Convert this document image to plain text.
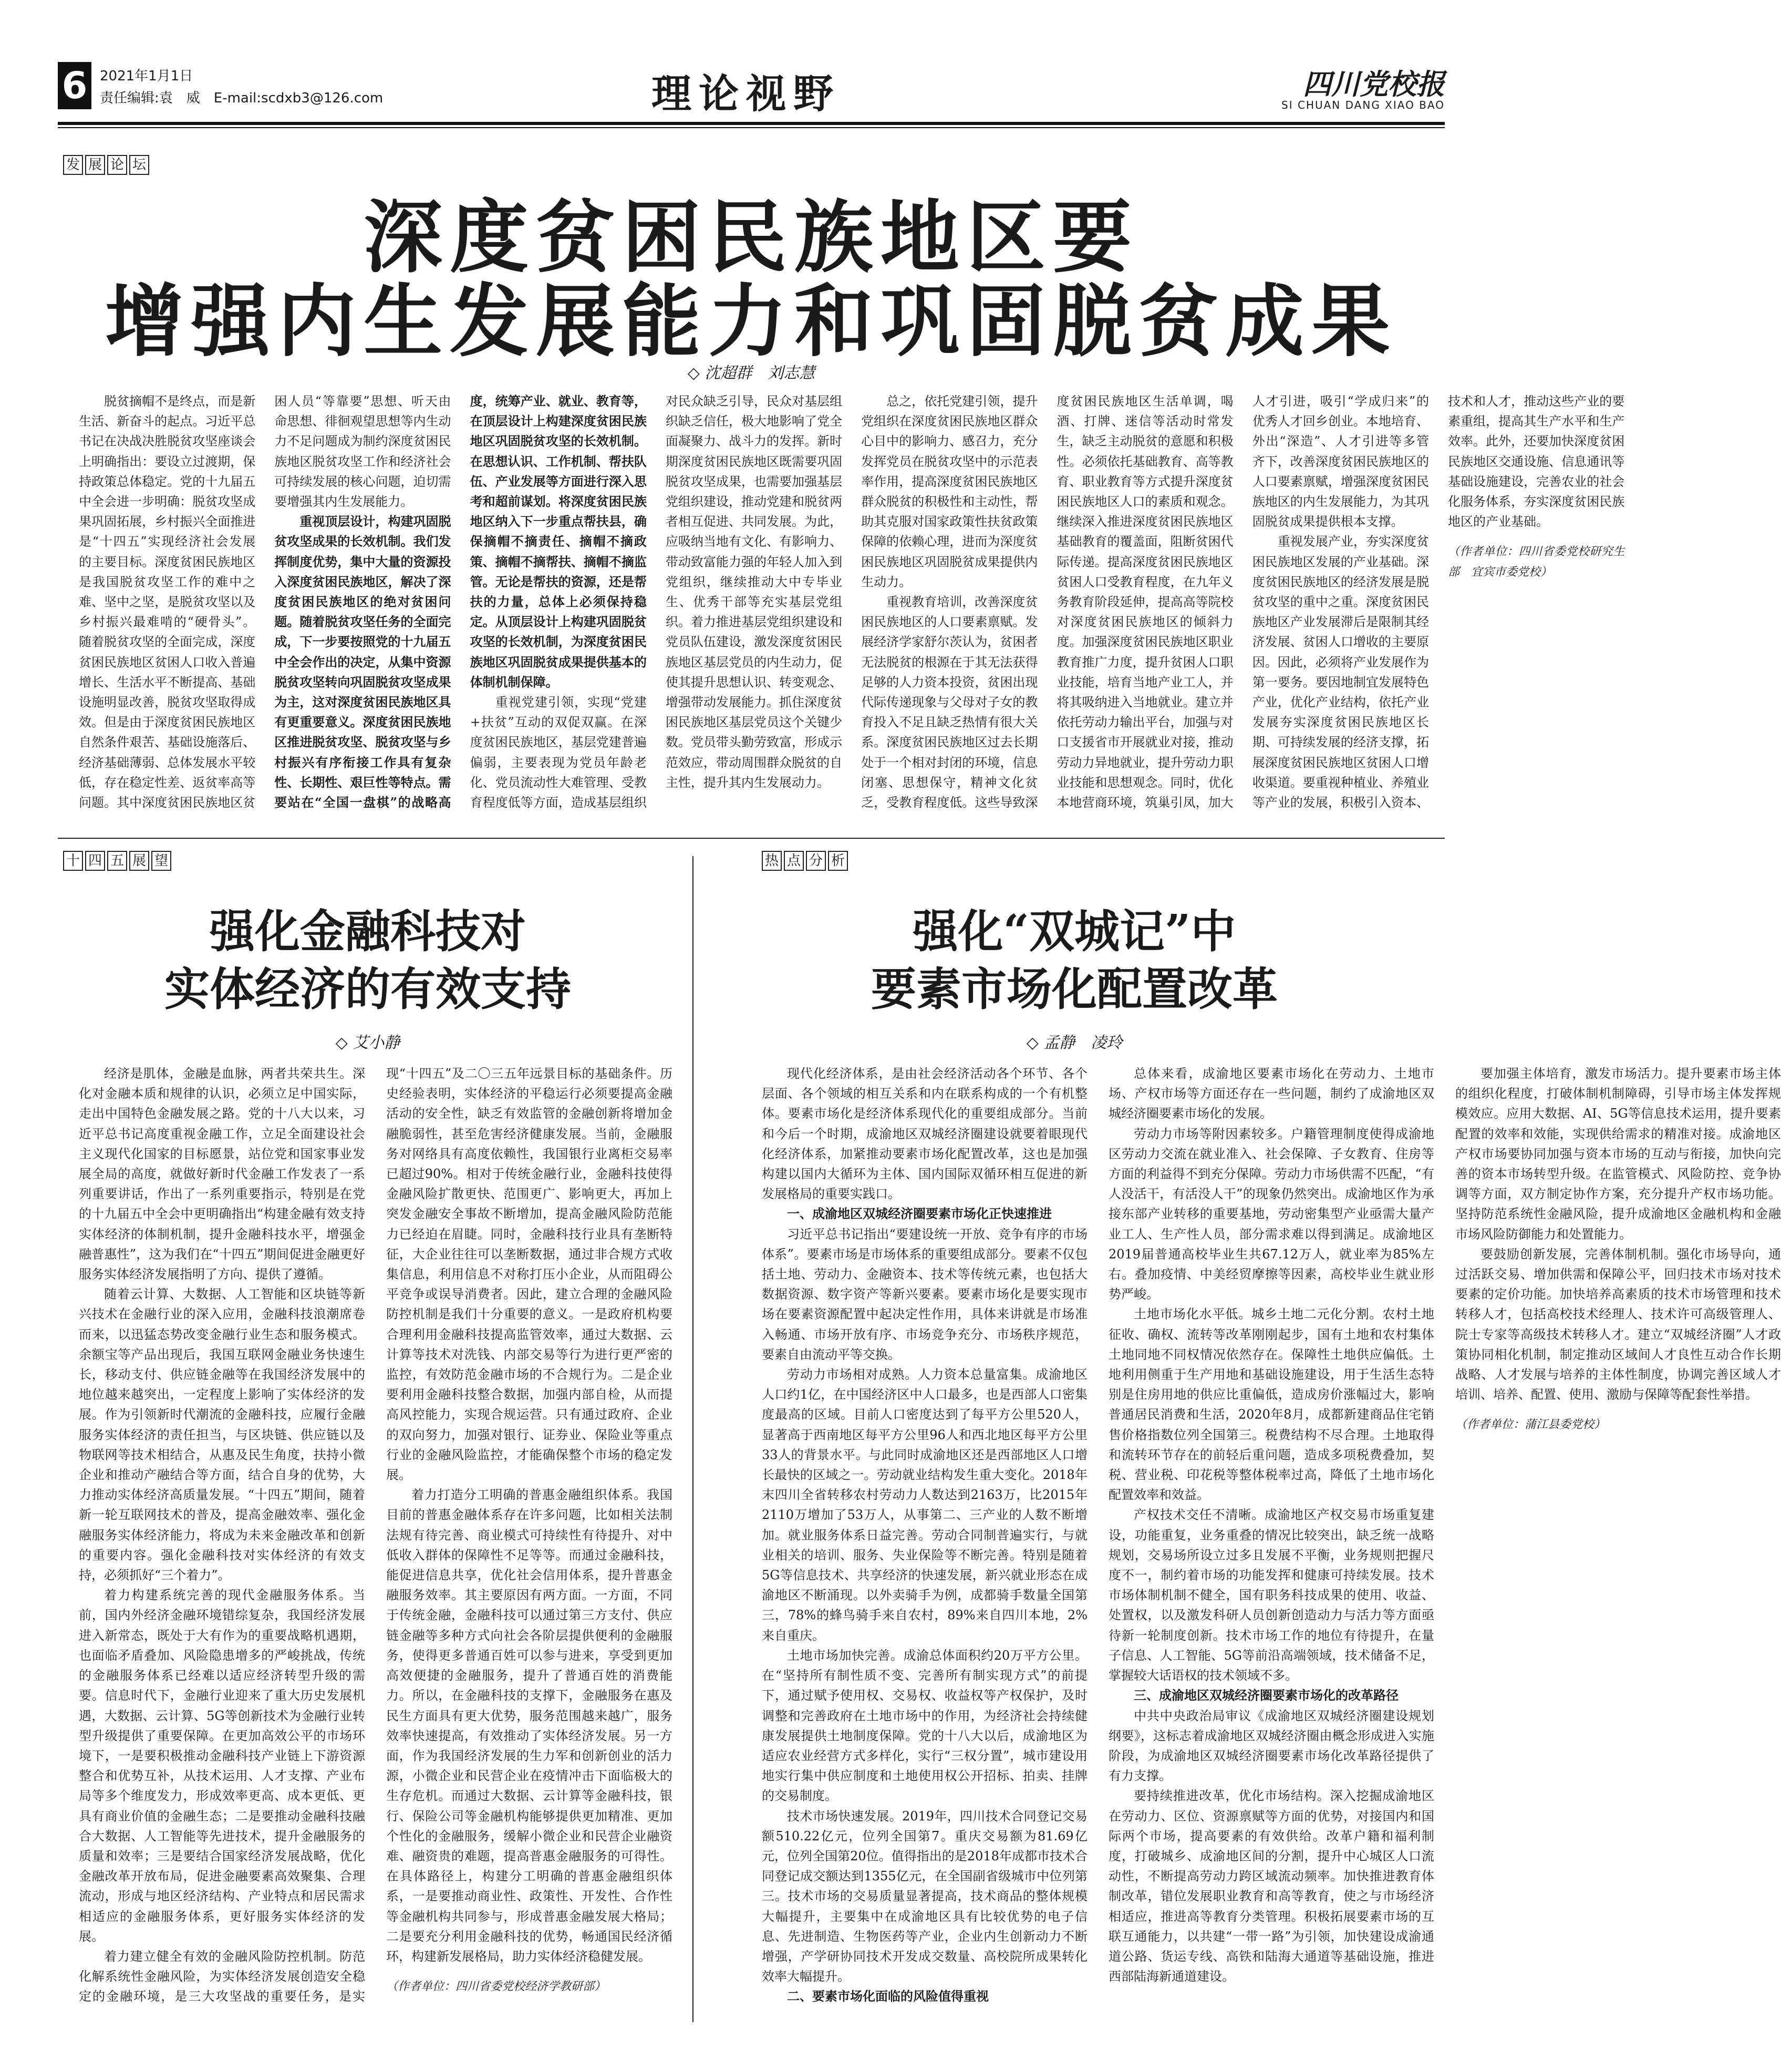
6 2021年1月1日
责任编辑:袁　威　E-mail:scdxb3@126.com	理论视野	四川党校报
SI CHUAN DANG XIAO BAO
发 展 论 坛
深度贫困民族地区要
增强内生发展能力和巩固脱贫成果
◇ 沈超群　刘志慧

脱贫摘帽不是终点，而是新生活、新奋斗的起点。习近平总书记在决战决胜脱贫攻坚座谈会上明确指出：要设立过渡期，保持政策总体稳定。党的十九届五中全会进一步明确：脱贫攻坚成果巩固拓展，乡村振兴全面推进是“十四五”实现经济社会发展的主要目标。深度贫困民族地区是我国脱贫攻坚工作的难中之难、坚中之坚，是脱贫攻坚以及乡村振兴最难啃的“硬骨头”。随着脱贫攻坚的全面完成，深度贫困民族地区贫困人口收入普遍增长、生活水平不断提高、基础设施明显改善，脱贫攻坚取得成效。但是由于深度贫困民族地区自然条件艰苦、基础设施落后、经济基础薄弱、总体发展水平较低，存在稳定性差、返贫率高等问题。其中深度贫困民族地区贫困人员“等靠要”思想、听天由命思想、徘徊观望思想等内生动力不足问题成为制约深度贫困民族地区脱贫攻坚工作和经济社会可持续发展的核心问题，迫切需要增强其内生发展能力。

重视顶层设计，构建巩固脱贫攻坚成果的长效机制。我们发挥制度优势，集中大量的资源投入深度贫困民族地区，解决了深度贫困民族地区的绝对贫困问题。随着脱贫攻坚任务的全面完成，下一步要按照党的十九届五中全会作出的决定，从集中资源脱贫攻坚转向巩固脱贫攻坚成果为主，这对深度贫困民族地区具有更重要意义。深度贫困民族地区推进脱贫攻坚、脱贫攻坚与乡村振兴有序衔接工作具有复杂性、长期性、艰巨性等特点。需要站在“全国一盘棋”的战略高度，统筹产业、就业、教育等，在顶层设计上构建深度贫困民族地区巩固脱贫攻坚的长效机制。在思想认识、工作机制、帮扶队伍、产业发展等方面进行深入思考和超前谋划。将深度贫困民族地区纳入下一步重点帮扶县，确保摘帽不摘责任、摘帽不摘政策、摘帽不摘帮扶、摘帽不摘监管。无论是帮扶的资源，还是帮扶的力量，总体上必须保持稳定。从顶层设计上构建巩固脱贫攻坚的长效机制，为深度贫困民族地区巩固脱贫成果提供基本的体制机制保障。

重视党建引领，实现“党建+扶贫”互动的双促双赢。在深度贫困民族地区，基层党建普遍偏弱，主要表现为党员年龄老化、党员流动性大难管理、受教育程度低等方面，造成基层组织对民众缺乏引导，民众对基层组织缺乏信任，极大地影响了党全面凝聚力、战斗力的发挥。新时期深度贫困民族地区既需要巩固脱贫攻坚成果，也需要加强基层党组织建设，推动党建和脱贫两者相互促进、共同发展。为此，应吸纳当地有文化、有影响力、带动致富能力强的年轻人加入到党组织，继续推动大中专毕业生、优秀干部等充实基层党组织。着力推进基层党组织建设和党员队伍建设，激发深度贫困民族地区基层党员的内生动力，促使其提升思想认识、转变观念、增强带动发展能力。抓住深度贫困民族地区基层党员这个关键少数。党员带头勤劳致富，形成示范效应，带动周围群众脱贫的自主性，提升其内生发展动力。

总之，依托党建引领，提升党组织在深度贫困民族地区群众心目中的影响力、感召力，充分发挥党员在脱贫攻坚中的示范表率作用，提高深度贫困民族地区群众脱贫的积极性和主动性，帮助其克服对国家政策性扶贫政策保障的依赖心理，进而为深度贫困民族地区巩固脱贫成果提供内生动力。

重视教育培训，改善深度贫困民族地区的人口要素禀赋。发展经济学家舒尔茨认为，贫困者无法脱贫的根源在于其无法获得足够的人力资本投资，贫困出现代际传递现象与父母对子女的教育投入不足且缺乏热情有很大关系。深度贫困民族地区过去长期处于一个相对封闭的环境，信息闭塞、思想保守，精神文化贫乏，受教育程度低。这些导致深度贫困民族地区生活单调，喝酒、打牌、迷信等活动时常发生，缺乏主动脱贫的意愿和积极性。必须依托基础教育、高等教育、职业教育等方式提升深度贫困民族地区人口的素质和观念。继续深入推进深度贫困民族地区基础教育的覆盖面，阻断贫困代际传递。提高深度贫困民族地区贫困人口受教育程度，在九年义务教育阶段延伸，提高高等院校对深度贫困民族地区的倾斜力度。加强深度贫困民族地区职业教育推广力度，提升贫困人口职业技能，培育当地产业工人，并将其吸纳进入当地就业。建立并依托劳动力输出平台，加强与对口支援省市开展就业对接，推动劳动力异地就业，提升劳动力职业技能和思想观念。同时，优化本地营商环境，筑巢引凤，加大人才引进，吸引“学成归来”的优秀人才回乡创业。本地培育、外出“深造”、人才引进等多管齐下，改善深度贫困民族地区的人口要素禀赋，增强深度贫困民族地区的内生发展能力，为其巩固脱贫成果提供根本支撑。

重视发展产业，夯实深度贫困民族地区发展的产业基础。深度贫困民族地区的经济发展是脱贫攻坚的重中之重。深度贫困民族地区产业发展滞后是限制其经济发展、贫困人口增收的主要原因。因此，必须将产业发展作为第一要务。要因地制宜发展特色产业，优化产业结构，依托产业发展夯实深度贫困民族地区长期、可持续发展的经济支撑，拓展深度贫困民族地区贫困人口增收渠道。要重视种植业、养殖业等产业的发展，积极引入资本、技术和人才，推动这些产业的要素重组，提高其生产水平和生产效率。此外，还要加快深度贫困民族地区交通设施、信息通讯等基础设施建设，完善农业的社会化服务体系，夯实深度贫困民族地区的产业基础。

（作者单位：四川省委党校研究生部　宜宾市委党校）

十 四 五 展 望
强化金融科技对
实体经济的有效支持
◇ 艾小静

经济是肌体，金融是血脉，两者共荣共生。深化对金融本质和规律的认识，必须立足中国实际，走出中国特色金融发展之路。党的十八大以来，习近平总书记高度重视金融工作，立足全面建设社会主义现代化国家的目标愿景，站位党和国家事业发展全局的高度，就做好新时代金融工作发表了一系列重要讲话，作出了一系列重要指示，特别是在党的十九届五中全会中更明确指出“构建金融有效支持实体经济的体制机制，提升金融科技水平，增强金融普惠性”，这为我们在“十四五”期间促进金融更好服务实体经济发展指明了方向、提供了遵循。

随着云计算、大数据、人工智能和区块链等新兴技术在金融行业的深入应用，金融科技浪潮席卷而来，以迅猛态势改变金融行业生态和服务模式。余额宝等产品出现后，我国互联网金融业务快速生长，移动支付、供应链金融等在我国经济发展中的地位越来越突出，一定程度上影响了实体经济的发展。作为引领新时代潮流的金融科技，应履行金融服务实体经济的责任担当，与区块链、供应链以及物联网等技术相结合，从惠及民生角度，扶持小微企业和推动产融结合等方面，结合自身的优势，大力推动实体经济高质量发展。“十四五”期间，随着新一轮互联网技术的普及，提高金融效率、强化金融服务实体经济能力，将成为未来金融改革和创新的重要内容。强化金融科技对实体经济的有效支持，必须抓好“三个着力”。

着力构建系统完善的现代金融服务体系。当前，国内外经济金融环境错综复杂，我国经济发展进入新常态，既处于大有作为的重要战略机遇期，也面临矛盾叠加、风险隐患增多的严峻挑战，传统的金融服务体系已经难以适应经济转型升级的需要。信息时代下，金融行业迎来了重大历史发展机遇，大数据、云计算、5G等创新技术为金融行业转型升级提供了重要保障。在更加高效公平的市场环境下，一是要积极推动金融科技产业链上下游资源整合和优势互补，从技术运用、人才支撑、产业布局等多个维度发力，形成效率更高、成本更低、更具有商业价值的金融生态；二是要推动金融科技融合大数据、人工智能等先进技术，提升金融服务的质量和效率；三是要结合国家经济发展战略，优化金融改革开放布局，促进金融要素高效聚集、合理流动，形成与地区经济结构、产业特点和居民需求相适应的金融服务体系，更好服务实体经济的发展。

着力建立健全有效的金融风险防控机制。防范化解系统性金融风险，为实体经济发展创造安全稳定的金融环境，是三大攻坚战的重要任务，是实现“十四五”及二〇三五年远景目标的基础条件。历史经验表明，实体经济的平稳运行必须要提高金融活动的安全性，缺乏有效监管的金融创新将增加金融脆弱性，甚至危害经济健康发展。当前，金融服务对网络具有高度依赖性，我国银行业离柜交易率已超过90%。相对于传统金融行业，金融科技使得金融风险扩散更快、范围更广、影响更大，再加上突发金融安全事故不断增加，提高金融风险防范能力已经迫在眉睫。同时，金融科技行业具有垄断特征，大企业往往可以垄断数据，通过非合规方式收集信息，利用信息不对称打压小企业，从而阻碍公平竞争或误导消费者。因此，建立合理的金融风险防控机制是我们十分重要的意义。一是政府机构要合理利用金融科技提高监管效率，通过大数据、云计算等技术对洗钱、内部交易等行为进行更严密的监控，有效防范金融市场的不合规行为。二是企业要利用金融科技整合数据，加强内部自检，从而提高风控能力，实现合规运营。只有通过政府、企业的双向努力，加强对银行、证券业、保险业等重点行业的金融风险监控，才能确保整个市场的稳定发展。

着力打造分工明确的普惠金融组织体系。我国目前的普惠金融体系存在许多问题，比如相关法制法规有待完善、商业模式可持续性有待提升、对中低收入群体的保障性不足等等。而通过金融科技，能促进信息共享，优化社会信用体系，提升普惠金融服务效率。其主要原因有两方面。一方面，不同于传统金融，金融科技可以通过第三方支付、供应链金融等多种方式向社会各阶层提供便利的金融服务，使得更多普通百姓可以参与进来，享受到更加高效便捷的金融服务，提升了普通百姓的消费能力。所以，在金融科技的支撑下，金融服务在惠及民生方面具有更大优势，服务范围越来越广，服务效率快速提高，有效推动了实体经济发展。另一方面，作为我国经济发展的生力军和创新创业的活力源，小微企业和民营企业在疫情冲击下面临极大的生存危机。而通过大数据、云计算等金融科技，银行、保险公司等金融机构能够提供更加精准、更加个性化的金融服务，缓解小微企业和民营企业融资难、融资贵的难题，提高普惠金融服务的可得性。在具体路径上，构建分工明确的普惠金融组织体系，一是要推动商业性、政策性、开发性、合作性等金融机构共同参与，形成普惠金融发展大格局；二是要充分利用金融科技的优势，畅通国民经济循环，构建新发展格局，助力实体经济稳健发展。

（作者单位：四川省委党校经济学教研部）

热 点 分 析
强化“双城记”中
要素市场化配置改革
◇ 孟静　凌玲

现代化经济体系，是由社会经济活动各个环节、各个层面、各个领域的相互关系和内在联系构成的一个有机整体。要素市场化是经济体系现代化的重要组成部分。当前和今后一个时期，成渝地区双城经济圈建设就要着眼现代化经济体系，加紧推动要素市场化配置改革，这也是加强构建以国内大循环为主体、国内国际双循环相互促进的新发展格局的重要实践口。

一、成渝地区双城经济圈要素市场化正快速推进

习近平总书记指出“要建设统一开放、竞争有序的市场体系”。要素市场是市场体系的重要组成部分。要素不仅包括土地、劳动力、金融资本、技术等传统元素，也包括大数据资源、数字资产等新兴要素。要素市场化是要实现市场在要素资源配置中起决定性作用，具体来讲就是市场准入畅通、市场开放有序、市场竞争充分、市场秩序规范，要素自由流动平等交换。

劳动力市场相对成熟。人力资本总量富集。成渝地区人口约1亿，在中国经济区中人口最多，也是西部人口密集度最高的区域。目前人口密度达到了每平方公里520人，显著高于西南地区每平方公里96人和西北地区每平方公里33人的背景水平。与此同时成渝地区还是西部地区人口增长最快的区域之一。劳动就业结构发生重大变化。2018年末四川全省转移农村劳动力人数达到2163万，比2015年2110万增加了53万人，从事第二、三产业的人数不断增加。就业服务体系日益完善。劳动合同制普遍实行，与就业相关的培训、服务、失业保险等不断完善。特别是随着5G等信息技术、共享经济的快速发展，新兴就业形态在成渝地区不断涌现。以外卖骑手为例，成都骑手数量全国第三，78%的蜂鸟骑手来自农村，89%来自四川本地，2%来自重庆。

土地市场加快完善。成渝总体面积约20万平方公里。在“坚持所有制性质不变、完善所有制实现方式”的前提下，通过赋予使用权、交易权、收益权等产权保护，及时调整和完善政府在土地市场中的作用，为经济社会持续健康发展提供土地制度保障。党的十八大以后，成渝地区为适应农业经营方式多样化，实行“三权分置”，城市建设用地实行集中供应制度和土地使用权公开招标、拍卖、挂牌的交易制度。

技术市场快速发展。2019年，四川技术合同登记交易额510.22亿元，位列全国第7。重庆交易额为81.69亿元，位列全国第20位。值得指出的是2018年成都市技术合同登记成交额达到1355亿元，在全国副省级城市中位列第三。技术市场的交易质量显著提高，技术商品的整体规模大幅提升，主要集中在成渝地区具有比较优势的电子信息、先进制造、生物医药等产业，企业内生创新动力不断增强，产学研协同技术开发成交数量、高校院所成果转化效率大幅提升。

二、要素市场化面临的风险值得重视

总体来看，成渝地区要素市场化在劳动力、土地市场、产权市场等方面还存在一些问题，制约了成渝地区双城经济圈要素市场化的发展。

劳动力市场等附因素较多。户籍管理制度使得成渝地区劳动力交流在就业准入、社会保障、子女教育、住房等方面的利益得不到充分保障。劳动力市场供需不匹配，“有人没活干，有活没人干”的现象仍然突出。成渝地区作为承接东部产业转移的重要基地，劳动密集型产业亟需大量产业工人、生产性人员，部分需求难以得到满足。成渝地区2019届普通高校毕业生共67.12万人，就业率为85%左右。叠加疫情、中美经贸摩擦等因素，高校毕业生就业形势严峻。

土地市场化水平低。城乡土地二元化分割。农村土地征收、确权、流转等改革刚刚起步，国有土地和农村集体土地同地不同权情况依然存在。保障性土地供应偏低。土地利用侧重于生产用地和基础设施建设，用于生活生态特别是住房用地的供应比重偏低，造成房价涨幅过大，影响普通居民消费和生活，2020年8月，成都新建商品住宅销售价格指数位列全国第三。税费结构不尽合理。土地取得和流转环节存在的前轻后重问题，造成多项税费叠加，契税、营业税、印花税等整体税率过高，降低了土地市场化配置效率和效益。

产权技术交任不清晰。成渝地区产权交易市场重复建设，功能重复，业务重叠的情况比较突出，缺乏统一战略规划，交易场所设立过多且发展不平衡，业务规则把握尺度不一，制约着市场的功能发挥和健康可持续发展。技术市场体制机制不健全，国有职务科技成果的使用、收益、处置权，以及激发科研人员创新创造动力与活力等方面亟待新一轮制度创新。技术市场工作的地位有待提升，在量子信息、人工智能、5G等前沿高端领域，技术储备不足，掌握较大话语权的技术领域不多。

三、成渝地区双城经济圈要素市场化的改革路径

中共中央政治局审议《成渝地区双城经济圈建设规划纲要》，这标志着成渝地区双城经济圈由概念形成进入实施阶段，为成渝地区双城经济圈要素市场化改革路径提供了有力支撑。

要持续推进改革，优化市场结构。深入挖掘成渝地区在劳动力、区位、资源禀赋等方面的优势，对接国内和国际两个市场，提高要素的有效供给。改革户籍和福利制度，打破城乡、成渝地区间的分割，提升中心城区人口流动性，不断提高劳动力跨区域流动频率。加快推进教育体制改革，错位发展职业教育和高等教育，使之与市场经济相适应，推进高等教育分类管理。积极拓展要素市场的互联互通能力，以共建“一带一路”为引领，加快建设成渝通道公路、货运专线、高铁和陆海大通道等基础设施，推进西部陆海新通道建设。

要加强主体培育，激发市场活力。提升要素市场主体的组织化程度，打破体制机制障碍，引导市场主体发挥规模效应。应用大数据、AI、5G等信息技术运用，提升要素配置的效率和效能，实现供给需求的精准对接。成渝地区产权市场要协同加强与资本市场的互动与衔接，加快向完善的资本市场转型升级。在监管模式、风险防控、竞争协调等方面，双方制定协作方案，充分提升产权市场功能。坚持防范系统性金融风险，提升成渝地区金融机构和金融市场风险防御能力和处置能力。

要鼓励创新发展，完善体制机制。强化市场导向，通过活跃交易、增加供需和保障公平，回归技术市场对技术要素的定价功能。加快培养高素质的技术市场管理和技术转移人才，包括高校技术经理人、技术许可高级管理人、院士专家等高级技术转移人才。建立“双城经济圈”人才政策协同相化机制，制定推动区域间人才良性互动合作长期战略、人才发展与培养的主体性制度，协调完善区域人才培训、培养、配置、使用、激励与保障等配套性举措。

（作者单位：蒲江县委党校）
